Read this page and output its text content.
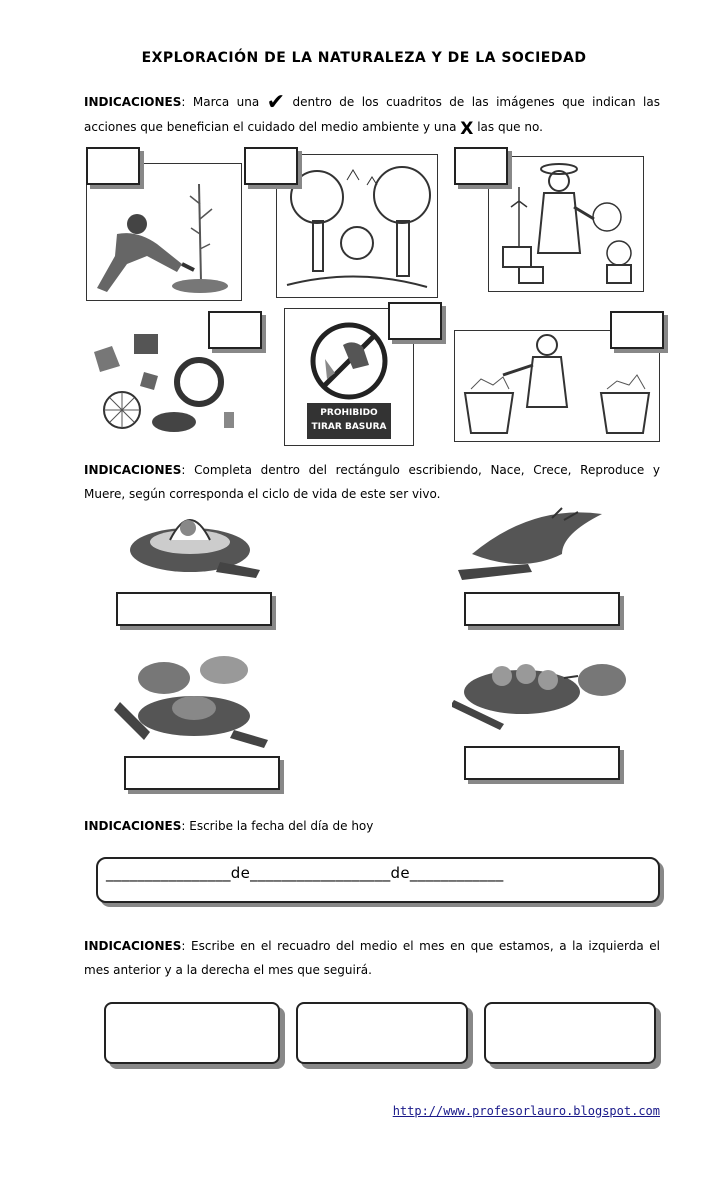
EXPLORACIÓN DE LA NATURALEZA Y DE LA SOCIEDAD
INDICACIONES: Marca una ✔ dentro de los cuadritos de las imágenes que indican las acciones que benefician el cuidado del medio ambiente y una X las que no.
PROHIBIDO
TIRAR BASURA
INDICACIONES: Completa dentro del rectángulo escribiendo, Nace, Crece, Reproduce y Muere, según corresponda el ciclo de vida de este ser vivo.
INDICACIONES: Escribe la fecha del día de hoy
________________de__________________de____________
INDICACIONES: Escribe en el recuadro del medio el mes en que estamos, a la izquierda el mes anterior y a la derecha el mes que seguirá.
http://www.profesorlauro.blogspot.com
